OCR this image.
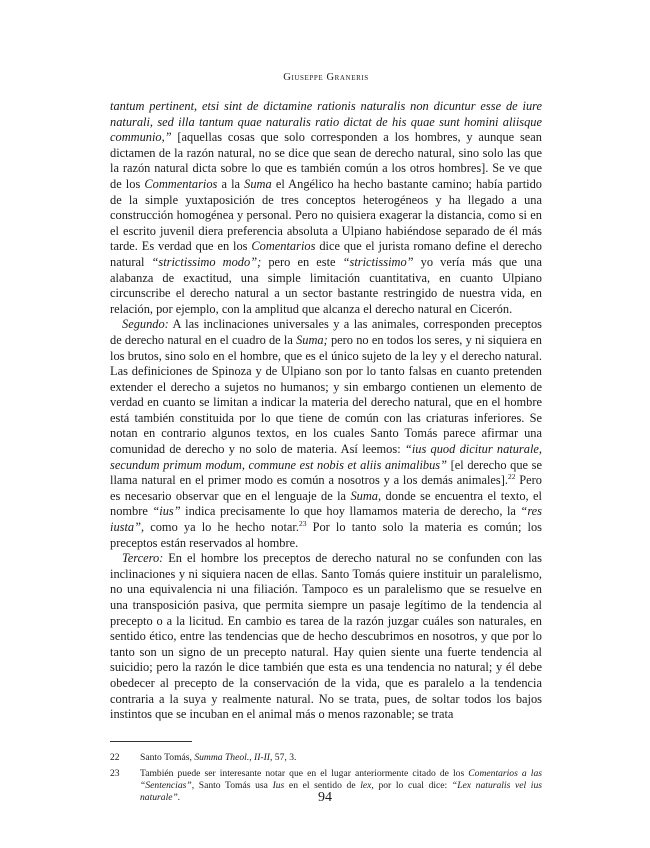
Giuseppe Graneris

tantum pertinent, etsi sint de dictamine rationis naturalis non dicuntur esse de iure naturali, sed illa tantum quae naturalis ratio dictat de his quae sunt homini aliisque communio,” [aquellas cosas que solo corresponden a los hombres, y aunque sean dictamen de la razón natural, no se dice que sean de derecho natural, sino solo las que la razón natural dicta sobre lo que es también común a los otros hombres]. Se ve que de los Commentarios a la Suma el Angélico ha hecho bastante camino; había partido de la simple yuxtaposición de tres conceptos heterogéneos y ha llegado a una construcción homogénea y personal. Pero no quisiera exagerar la distancia, como si en el escrito juvenil diera preferencia absoluta a Ulpiano habiéndose separado de él más tarde. Es verdad que en los Comentarios dice que el jurista romano define el derecho natural “strictissimo modo”; pero en este “strictissimo” yo vería más que una alabanza de exactitud, una simple limitación cuantitativa, en cuanto Ulpiano circunscribe el derecho natural a un sector bastante restringido de nuestra vida, en relación, por ejemplo, con la amplitud que alcanza el derecho natural en Cicerón.

Segundo: A las inclinaciones universales y a las animales, corresponden preceptos de derecho natural en el cuadro de la Suma; pero no en todos los seres, y ni siquiera en los brutos, sino solo en el hombre, que es el único sujeto de la ley y el derecho natural. Las definiciones de Spinoza y de Ulpiano son por lo tanto falsas en cuanto pretenden extender el derecho a sujetos no humanos; y sin embargo contienen un elemento de verdad en cuanto se limitan a indicar la materia del derecho natural, que en el hombre está también constituida por lo que tiene de común con las criaturas inferiores. Se notan en contrario algunos textos, en los cuales Santo Tomás parece afirmar una comunidad de derecho y no solo de materia. Así leemos: “ius quod dicitur naturale, secundum primum modum, commune est nobis et aliis animalibus” [el derecho que se llama natural en el primer modo es común a nosotros y a los demás animales].$^{22}$ Pero es necesario observar que en el lenguaje de la Suma, donde se encuentra el texto, el nombre “ius” indica precisamente lo que hoy llamamos materia de derecho, la “res iusta”, como ya lo he hecho notar.$^{23}$ Por lo tanto solo la materia es común; los preceptos están reservados al hombre.

Tercero: En el hombre los preceptos de derecho natural no se confunden con las inclinaciones y ni siquiera nacen de ellas. Santo Tomás quiere instituir un paralelismo, no una equivalencia ni una filiación. Tampoco es un paralelismo que se resuelve en una transposición pasiva, que permita siempre un pasaje legítimo de la tendencia al precepto o a la licitud. En cambio es tarea de la razón juzgar cuáles son naturales, en sentido ético, entre las tendencias que de hecho descubrimos en nosotros, y que por lo tanto son un signo de un precepto natural. Hay quien siente una fuerte tendencia al suicidio; pero la razón le dice también que esta es una tendencia no natural; y él debe obedecer al precepto de la conservación de la vida, que es paralelo a la tendencia contraria a la suya y realmente natural. No se trata, pues, de soltar todos los bajos instintos que se incuban en el animal más o menos razonable; se trata

22	Santo Tomás, Summa Theol., II-II, 57, 3.
23	También puede ser interesante notar que en el lugar anteriormente citado de los Comentarios a las “Sentencias”, Santo Tomás usa Ius en el sentido de lex, por lo cual dice: “Lex naturalis vel ius naturale”.	94
